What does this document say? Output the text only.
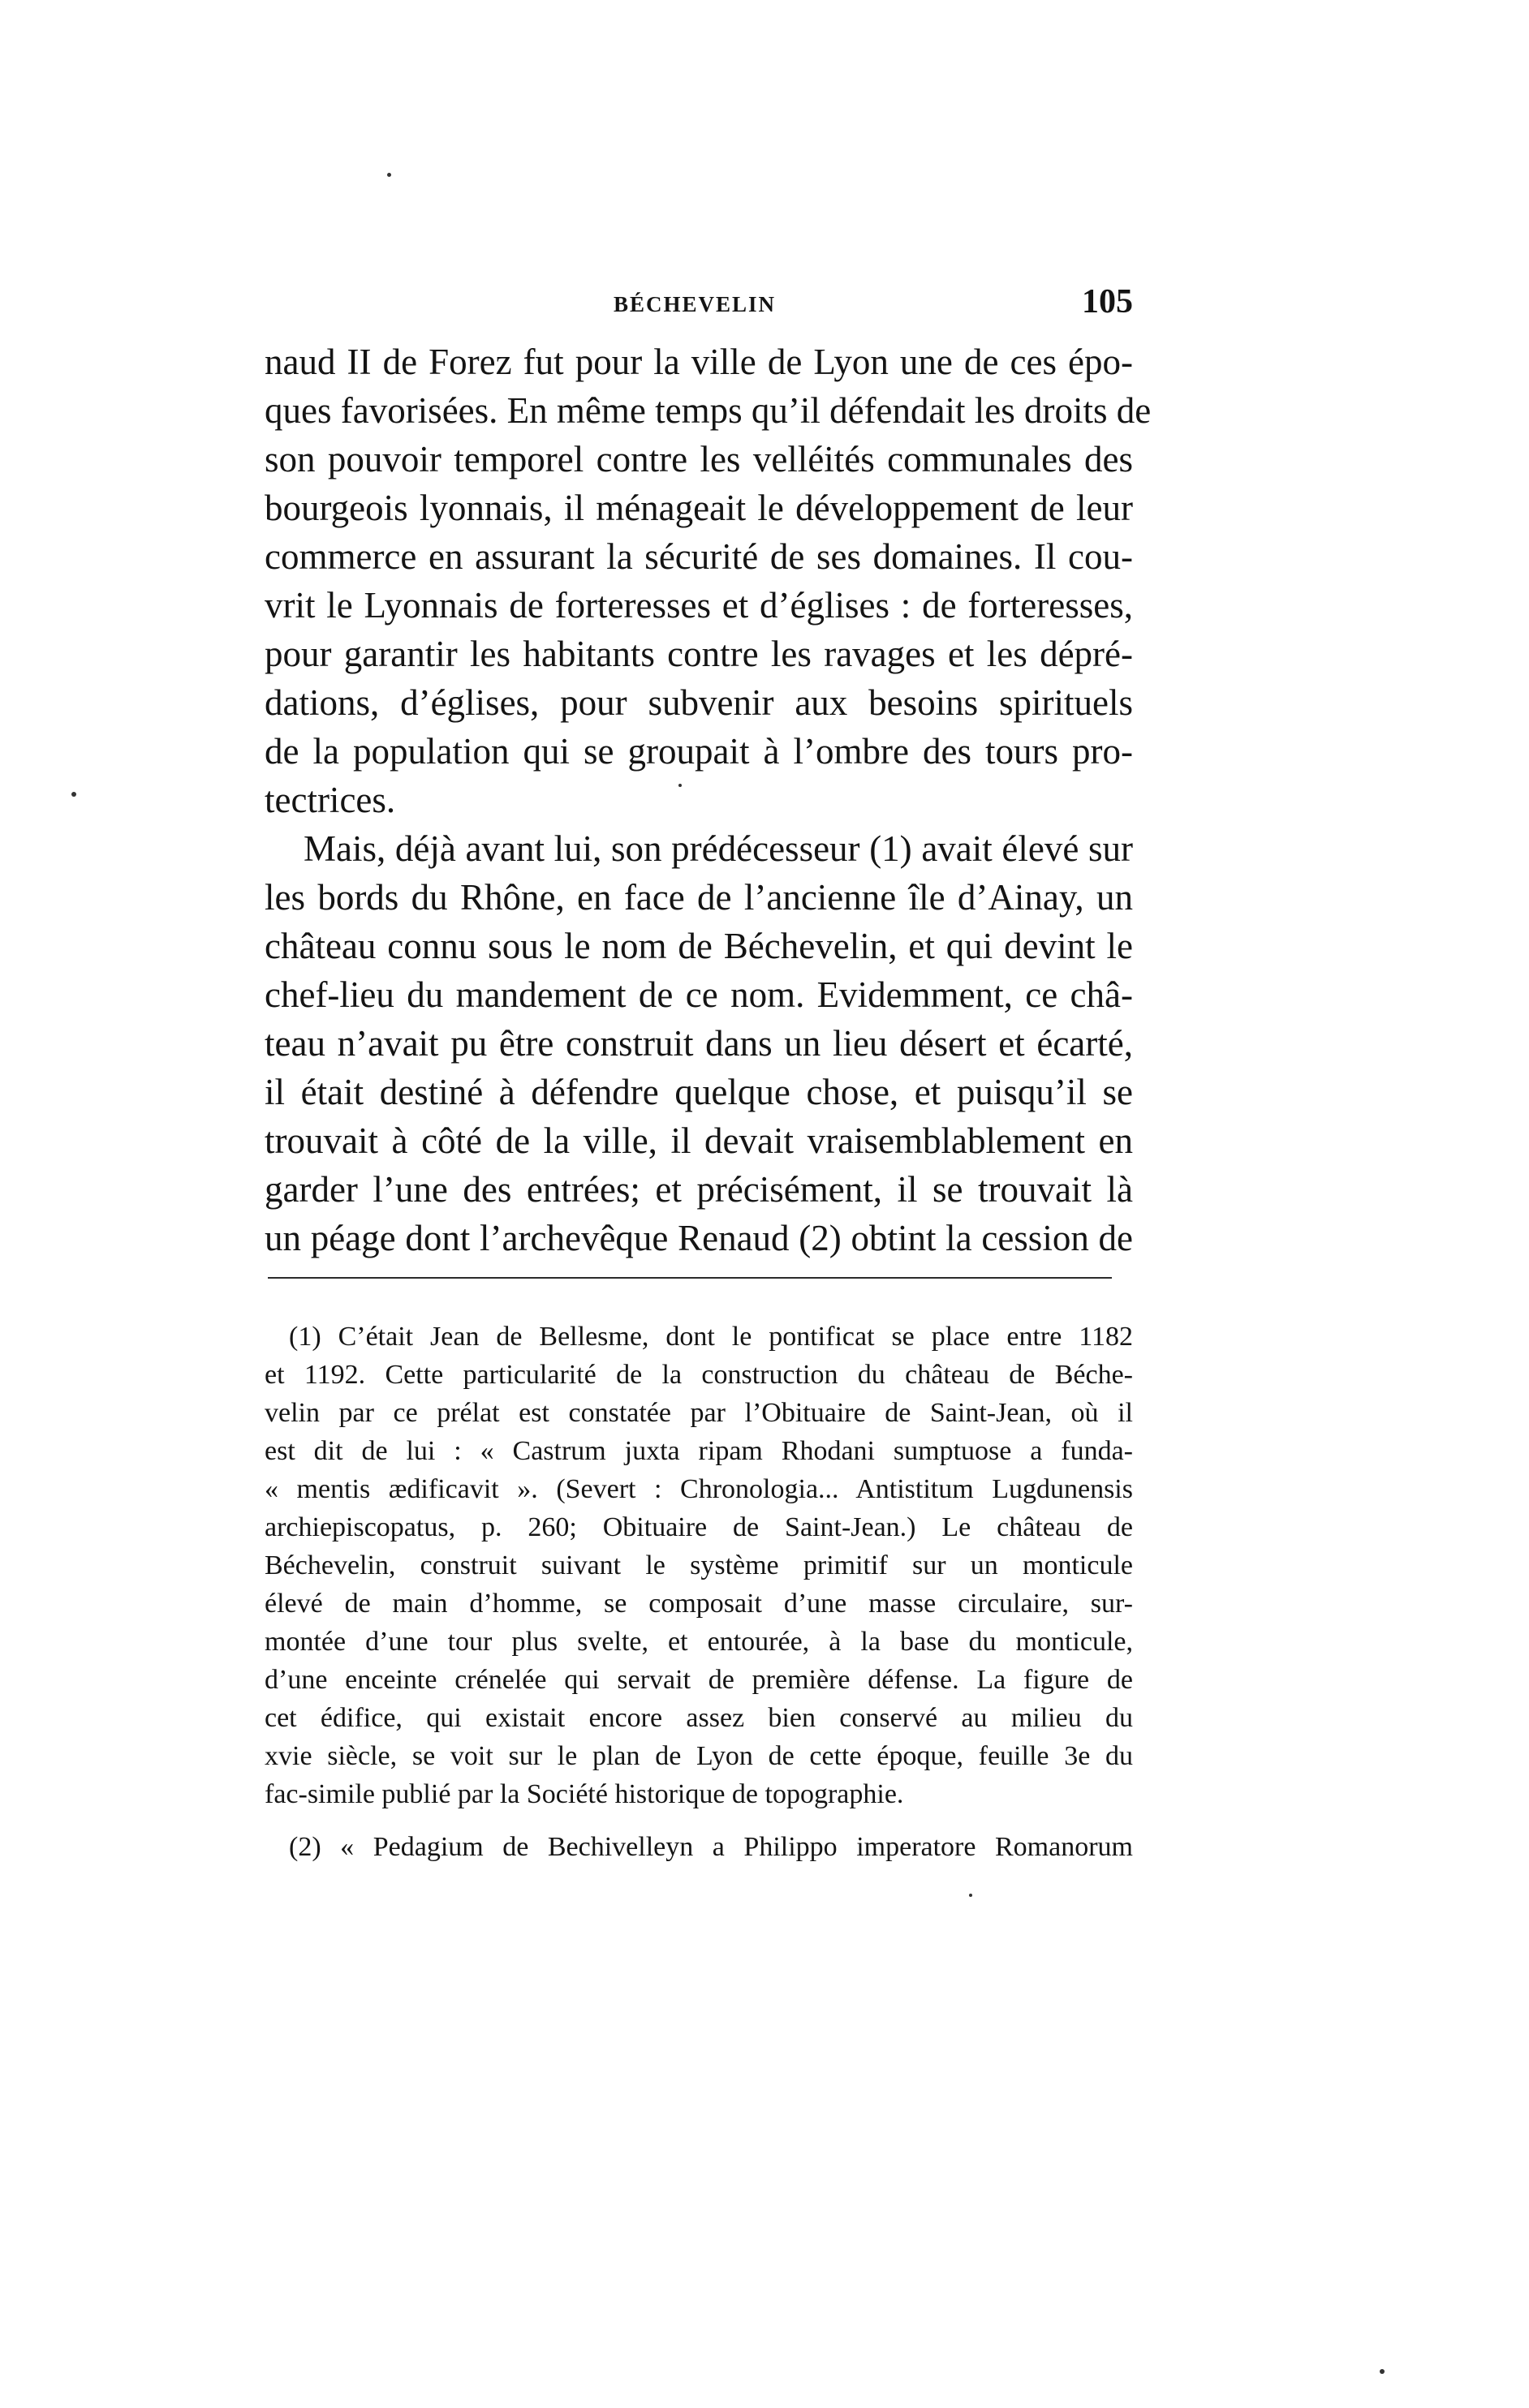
BÉCHEVELIN	105
naud II de Forez fut pour la ville de Lyon une de ces épo-
ques favorisées. En même temps qu’il défendait les droits de
son pouvoir temporel contre les velléités communales des
bourgeois lyonnais, il ménageait le développement de leur
commerce en assurant la sécurité de ses domaines. Il cou-
vrit le Lyonnais de forteresses et d’églises : de forteresses,
pour garantir les habitants contre les ravages et les dépré-
dations, d’églises, pour subvenir aux besoins spirituels
de la population qui se groupait à l’ombre des tours pro-
tectrices.
Mais, déjà avant lui, son prédécesseur (1) avait élevé sur
les bords du Rhône, en face de l’ancienne île d’Ainay, un
château connu sous le nom de Béchevelin, et qui devint le
chef-lieu du mandement de ce nom. Evidemment, ce châ-
teau n’avait pu être construit dans un lieu désert et écarté,
il était destiné à défendre quelque chose, et puisqu’il se
trouvait à côté de la ville, il devait vraisemblablement en
garder l’une des entrées; et précisément, il se trouvait là
un péage dont l’archevêque Renaud (2) obtint la cession de
(1) C’était Jean de Bellesme, dont le pontificat se place entre 1182
et 1192. Cette particularité de la construction du château de Béche-
velin par ce prélat est constatée par l’Obituaire de Saint-Jean, où il
est dit de lui : « Castrum juxta ripam Rhodani sumptuose a funda-
« mentis ædificavit ». (Severt : Chronologia... Antistitum Lugdunensis
archiepiscopatus, p. 260; Obituaire de Saint-Jean.) Le château de
Béchevelin, construit suivant le système primitif sur un monticule
élevé de main d’homme, se composait d’une masse circulaire, sur-
montée d’une tour plus svelte, et entourée, à la base du monticule,
d’une enceinte crénelée qui servait de première défense. La figure de
cet édifice, qui existait encore assez bien conservé au milieu du
xvie siècle, se voit sur le plan de Lyon de cette époque, feuille 3e du
fac-simile publié par la Société historique de topographie.
(2) « Pedagium de Bechivelleyn a Philippo imperatore Romanorum
